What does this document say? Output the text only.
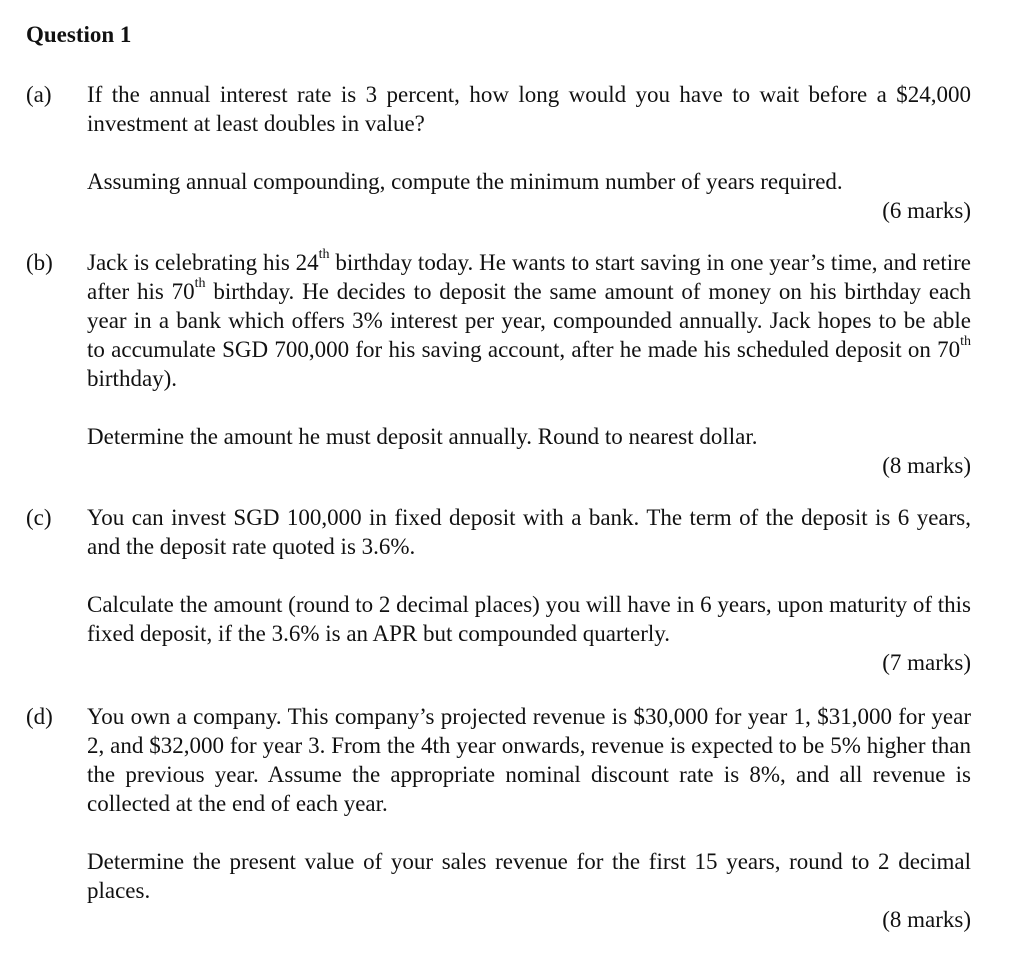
Question 1
(a) If the annual interest rate is 3 percent, how long would you have to wait before a $24,000 investment at least doubles in value?

Assuming annual compounding, compute the minimum number of years required.

(6 marks)

(b) Jack is celebrating his 24th birthday today. He wants to start saving in one year’s time, and retire after his 70th birthday. He decides to deposit the same amount of money on his birthday each year in a bank which offers 3% interest per year, compounded annually. Jack hopes to be able to accumulate SGD 700,000 for his saving account, after he made his scheduled deposit on 70th birthday).

Determine the amount he must deposit annually. Round to nearest dollar.

(8 marks)

(c) You can invest SGD 100,000 in fixed deposit with a bank. The term of the deposit is 6 years, and the deposit rate quoted is 3.6%.

Calculate the amount (round to 2 decimal places) you will have in 6 years, upon maturity of this fixed deposit, if the 3.6% is an APR but compounded quarterly.

(7 marks)

(d) You own a company. This company’s projected revenue is $30,000 for year 1, $31,000 for year 2, and $32,000 for year 3. From the 4th year onwards, revenue is expected to be 5% higher than the previous year. Assume the appropriate nominal discount rate is 8%, and all revenue is collected at the end of each year.

Determine the present value of your sales revenue for the first 15 years, round to 2 decimal places.

(8 marks)
